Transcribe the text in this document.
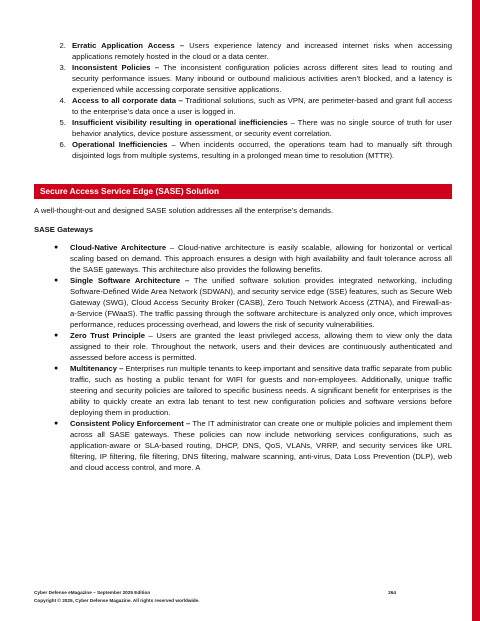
2. Erratic Application Access – Users experience latency and increased internet risks when accessing applications remotely hosted in the cloud or a data center.
3. Inconsistent Policies – The inconsistent configuration policies across different sites lead to routing and security performance issues. Many inbound or outbound malicious activities aren’t blocked, and a latency is experienced while accessing corporate sensitive applications.
4. Access to all corporate data – Traditional solutions, such as VPN, are perimeter-based and grant full access to the enterprise’s data once a user is logged in.
5. Insufficient visibility resulting in operational inefficiencies – There was no single source of truth for user behavior analytics, device posture assessment, or security event correlation.
6. Operational Inefficiencies – When incidents occurred, the operations team had to manually sift through disjointed logs from multiple systems, resulting in a prolonged mean time to resolution (MTTR).
Secure Access Service Edge (SASE) Solution
A well-thought-out and designed SASE solution addresses all the enterprise’s demands.
SASE Gateways
● Cloud-Native Architecture – Cloud-native architecture is easily scalable, allowing for horizontal or vertical scaling based on demand. This approach ensures a design with high availability and fault tolerance across all the SASE gateways. This architecture also provides the following benefits.
● Single Software Architecture – The unified software solution provides integrated networking, including Software-Defined Wide Area Network (SDWAN), and security service edge (SSE) features, such as Secure Web Gateway (SWG), Cloud Access Security Broker (CASB), Zero Touch Network Access (ZTNA), and Firewall-as-a-Service (FWaaS). The traffic passing through the software architecture is analyzed only once, which improves performance, reduces processing overhead, and lowers the risk of security vulnerabilities.
● Zero Trust Principle – Users are granted the least privileged access, allowing them to view only the data assigned to their role. Throughout the network, users and their devices are continuously authenticated and assessed before access is permitted.
● Multitenancy – Enterprises run multiple tenants to keep important and sensitive data traffic separate from public traffic, such as hosting a public tenant for WIFI for guests and non-employees. Additionally, unique traffic steering and security policies are tailored to specific business needs. A significant benefit for enterprises is the ability to quickly create an extra lab tenant to test new configuration policies and software versions before deploying them in production.
● Consistent Policy Enforcement – The IT administrator can create one or multiple policies and implement them across all SASE gateways. These policies can now include networking services configurations, such as application-aware or SLA-based routing, DHCP, DNS, QoS, VLANs, VRRP, and security services like URL filtering, IP filtering, file filtering, DNS filtering, malware scanning, anti-virus, Data Loss Prevention (DLP), web and cloud access control, and more. A
Cyber Defense eMagazine – September 2025 Edition	264
Copyright © 2025, Cyber Defense Magazine. All rights reserved worldwide.
